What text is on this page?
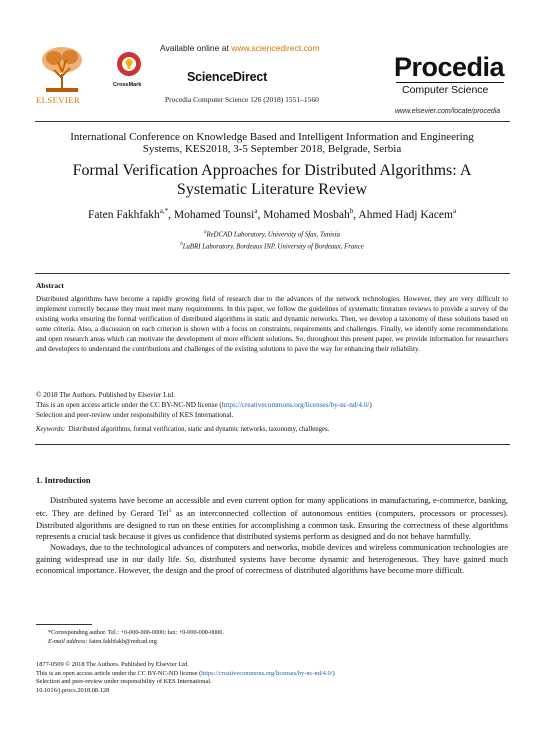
ELSEVIER
CrossMark
Available online at www.sciencedirect.com
ScienceDirect
Procedia Computer Science 126 (2018) 1551–1560
Procedia
Computer Science
www.elsevier.com/locate/procedia
International Conference on Knowledge Based and Intelligent Information and Engineering
Systems, KES2018, 3-5 September 2018, Belgrade, Serbia
Formal Verification Approaches for Distributed Algorithms: A
Systematic Literature Review
Faten Fakhfakh$^{a,*}$, Mohamed Tounsi$^a$, Mohamed Mosbah$^b$, Ahmed Hadj Kacem$^a$
$^a$ReDCAD Laboratory, University of Sfax, Tunisia
$^b$LaBRI Laboratory, Bordeaux INP, University of Bordeaux, France
Abstract
Distributed algorithms have become a rapidly growing field of research due to the advances of the network technologies. However, they are very difficult to implement correctly because they must meet many requirements. In this paper, we follow the guidelines of systematic literature reviews to provide a survey of the existing works ensuring the formal verification of distributed algorithms in static and dynamic networks. Then, we develop a taxonomy of these solutions based on some criteria. Also, a discussion on each criterion is shown with a focus on constraints, requirements and challenges. Finally, we identify some recommendations and open research areas which can motivate the development of more efficient solutions. So, throughout this present paper, we provide information for researchers and developers to understand the contributions and challenges of the existing solutions to pave the way for enhancing their reliability.
© 2018 The Authors. Published by Elsevier Ltd.
This is an open access article under the CC BY-NC-ND license (https://creativecommons.org/licenses/by-nc-nd/4.0/)
Selection and peer-review under responsibility of KES International.
Keywords: Distributed algorithms, formal verification, static and dynamic networks, taxonomy, challenges.
1. Introduction

Distributed systems have become an accessible and even current option for many applications in manufacturing, e-commerce, banking, etc. They are defined by Gerard Tel$^1$ as an interconnected collection of autonomous entities (computers, processors or processes). Distributed algorithms are designed to run on these entities for accomplishing a common task. Ensuring the correctness of these algorithms represents a crucial task because it gives us confidence that distributed systems perform as designed and do not behave harmfully.

Nowadays, due to the technological advances of computers and networks, mobile devices and wireless communication technologies are gaining widespread use in our daily life. So, distributed systems have become dynamic and heterogeneous. They have gained much economical importance. However, the design and the proof of correctness of distributed algorithms have become more difficult.

*Corresponding author. Tel.: +0-000-000-0000; fax: +0-000-000-0000.
E-mail address: faten.fakhfakh@redcad.org
1877-0509 © 2018 The Authors. Published by Elsevier Ltd.
This is an open access article under the CC BY-NC-ND license (https://creativecommons.org/licenses/by-nc-nd/4.0/)
Selection and peer-review under responsibility of KES International.
10.1016/j.procs.2018.08.128
